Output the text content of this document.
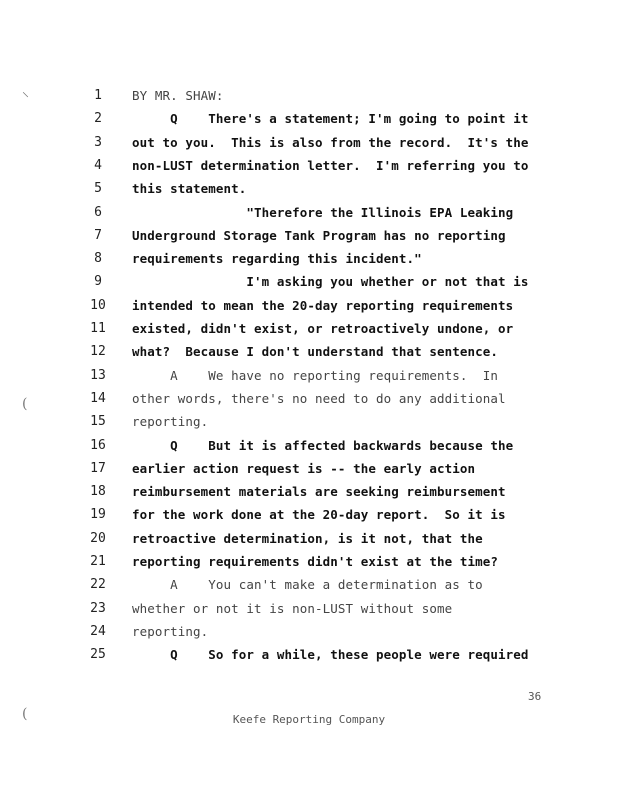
⸌
(
(
1	BY MR. SHAW:
2	Q    There's a statement; I'm going to point it
3	out to you.  This is also from the record.  It's the
4	non-LUST determination letter.  I'm referring you to
5	this statement.
6	"Therefore the Illinois EPA Leaking
7	Underground Storage Tank Program has no reporting
8	requirements regarding this incident."
9	I'm asking you whether or not that is
10 intended to mean the 20-day reporting requirements
11 existed, didn't exist, or retroactively undone, or
12 what?  Because I don't understand that sentence.
13 A    We have no reporting requirements.  In
14 other words, there's no need to do any additional
15 reporting.
16 Q    But it is affected backwards because the
17 earlier action request is -- the early action
18 reimbursement materials are seeking reimbursement
19 for the work done at the 20-day report.  So it is
20 retroactive determination, is it not, that the
21 reporting requirements didn't exist at the time?
22 A    You can't make a determination as to
23 whether or not it is non-LUST without some
24 reporting.
25 Q    So for a while, these people were required
36
Keefe Reporting Company
